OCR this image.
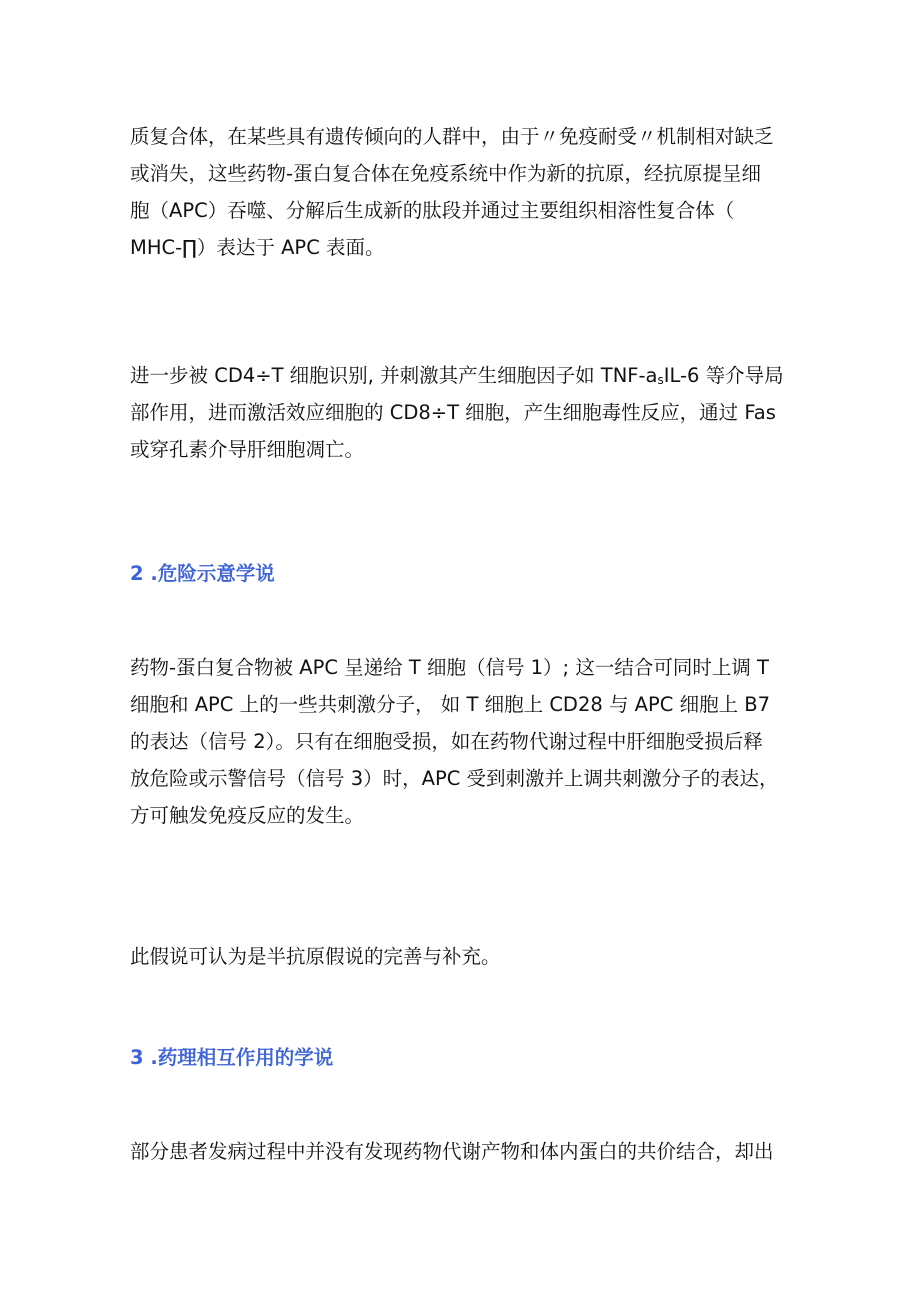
质复合体，在某些具有遗传倾向的人群中，由于〃免疫耐受〃机制相对缺乏
或消失，这些药物-蛋白复合体在免疫系统中作为新的抗原，经抗原提呈细
胞（APC）吞噬、分解后生成新的肽段并通过主要组织相溶性复合体（
MHC-∏）表达于 APC 表面。
进一步被 CD4÷T 细胞识别, 并刺激其产生细胞因子如 TNF-$a_sIL-6$ 等介导局
部作用，进而激活效应细胞的 CD8÷T 细胞，产生细胞毒性反应，通过 Fas
或穿孔素介导肝细胞凋亡。
2 .危险示意学说
药物-蛋白复合物被 APC 呈递给 T 细胞（信号 1）; 这一结合可同时上调 T
细胞和 APC 上的一些共刺激分子， 如 T 细胞上 CD28 与 APC 细胞上 B7
的表达（信号 2）。只有在细胞受损，如在药物代谢过程中肝细胞受损后释
放危险或示警信号（信号 3）时，APC 受到刺激并上调共刺激分子的表达，
方可触发免疫反应的发生。
此假说可认为是半抗原假说的完善与补充。
3 .药理相互作用的学说
部分患者发病过程中并没有发现药物代谢产物和体内蛋白的共价结合，却出
